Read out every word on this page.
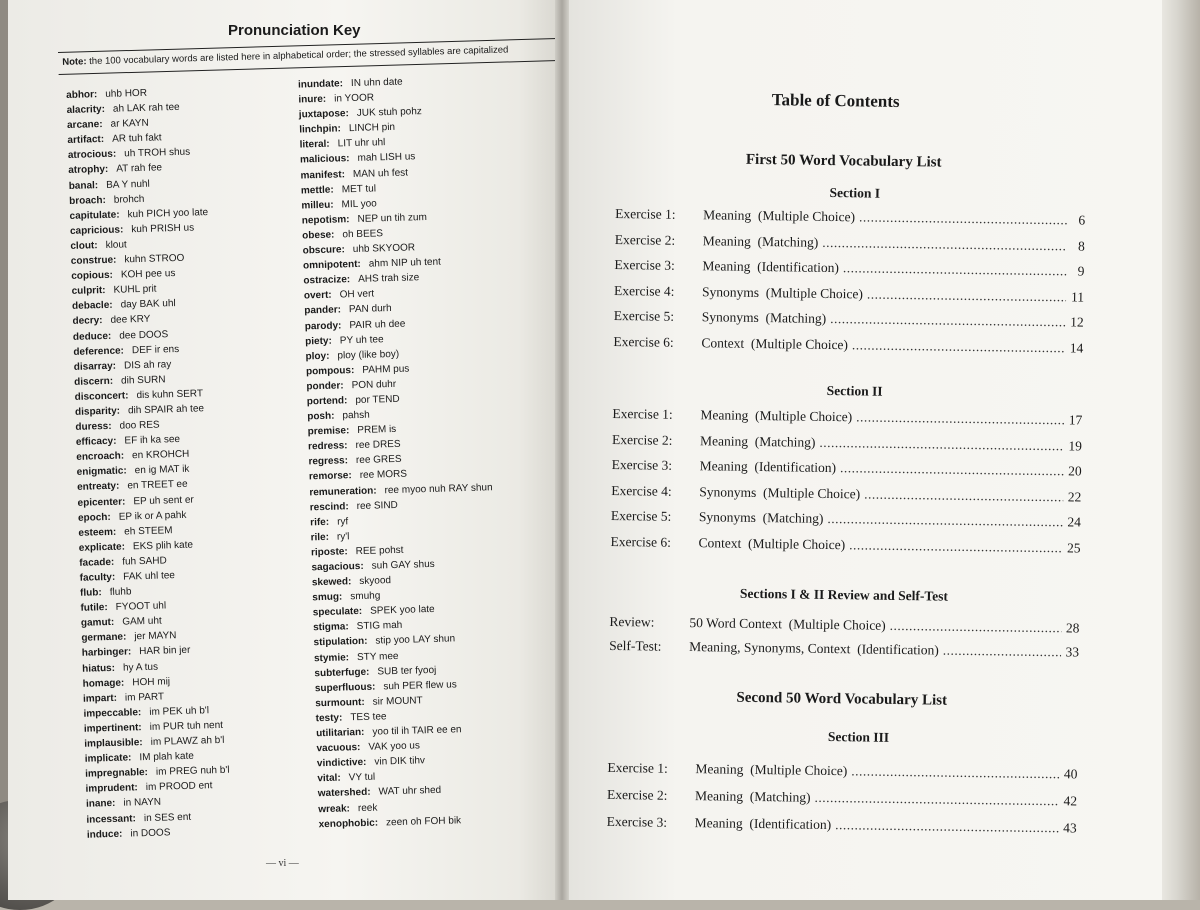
Pronunciation Key
Note: the 100 vocabulary words are listed here in alphabetical order; the stressed syllables are capitalized
abhor: uhb HOR
alacrity: ah LAK rah tee
arcane: ar KAYN
artifact: AR tuh fakt
atrocious: uh TROH shus
atrophy: AT rah fee
banal: BA Y nuhl
broach: brohch
capitulate: kuh PICH yoo late
capricious: kuh PRISH us
clout: klout
construe: kuhn STROO
copious: KOH pee us
culprit: KUHL prit
debacle: day BAK uhl
decry: dee KRY
deduce: dee DOOS
deference: DEF ir ens
disarray: DIS ah ray
discern: dih SURN
disconcert: dis kuhn SERT
disparity: dih SPAIR ah tee
duress: doo RES
efficacy: EF ih ka see
encroach: en KROHCH
enigmatic: en ig MAT ik
entreaty: en TREET ee
epicenter: EP uh sent er
epoch: EP ik or A pahk
esteem: eh STEEM
explicate: EKS plih kate
facade: fuh SAHD
faculty: FAK uhl tee
flub: fluhb
futile: FYOOT uhl
gamut: GAM uht
germane: jer MAYN
harbinger: HAR bin jer
hiatus: hy A tus
homage: HOH mij
impart: im PART
impeccable: im PEK uh b'l
impertinent: im PUR tuh nent
implausible: im PLAWZ ah b'l
implicate: IM plah kate
impregnable: im PREG nuh b'l
imprudent: im PROOD ent
inane: in NAYN
incessant: in SES ent
induce: in DOOS
inundate: IN uhn date
inure: in YOOR
juxtapose: JUK stuh pohz
linchpin: LINCH pin
literal: LIT uhr uhl
malicious: mah LISH us
manifest: MAN uh fest
mettle: MET tul
milleu: MIL yoo
nepotism: NEP un tih zum
obese: oh BEES
obscure: uhb SKYOOR
omnipotent: ahm NIP uh tent
ostracize: AHS trah size
overt: OH vert
pander: PAN durh
parody: PAIR uh dee
piety: PY uh tee
ploy: ploy (like boy)
pompous: PAHM pus
ponder: PON duhr
portend: por TEND
posh: pahsh
premise: PREM is
redress: ree DRES
regress: ree GRES
remorse: ree MORS
remuneration: ree myoo nuh RAY shun
rescind: ree SIND
rife: ryf
rile: ry'l
riposte: REE pohst
sagacious: suh GAY shus
skewed: skyood
smug: smuhg
speculate: SPEK yoo late
stigma: STIG mah
stipulation: stip yoo LAY shun
stymie: STY mee
subterfuge: SUB ter fyooj
superfluous: suh PER flew us
surmount: sir MOUNT
testy: TES tee
utilitarian: yoo til ih TAIR ee en
vacuous: VAK yoo us
vindictive: vin DIK tihv
vital: VY tul
watershed: WAT uhr shed
wreak: reek
xenophobic: zeen oh FOH bik
— vi —
Table of Contents
First 50 Word Vocabulary List
Section I
Exercise 1:	Meaning  (Multiple Choice) .....	6
Exercise 2:	Meaning  (Matching) .....	8
Exercise 3:	Meaning  (Identification) .....	9
Exercise 4:	Synonyms  (Multiple Choice) .....	11
Exercise 5:	Synonyms  (Matching) .....	12
Exercise 6:	Context  (Multiple Choice) .....	14
Section II
Exercise 1:	Meaning  (Multiple Choice) .....	17
Exercise 2:	Meaning  (Matching) .....	19
Exercise 3:	Meaning  (Identification) .....	20
Exercise 4:	Synonyms  (Multiple Choice) .....	22
Exercise 5:	Synonyms  (Matching) .....	24
Exercise 6:	Context  (Multiple Choice) .....	25
Sections I & II Review and Self-Test
Review:	50 Word Context  (Multiple Choice) .....	28
Self-Test:	Meaning, Synonyms, Context  (Identification) .....	33
Second 50 Word Vocabulary List
Section III
Exercise 1:	Meaning  (Multiple Choice) .....	40
Exercise 2:	Meaning  (Matching) .....	42
Exercise 3:	Meaning  (Identification) .....	43
